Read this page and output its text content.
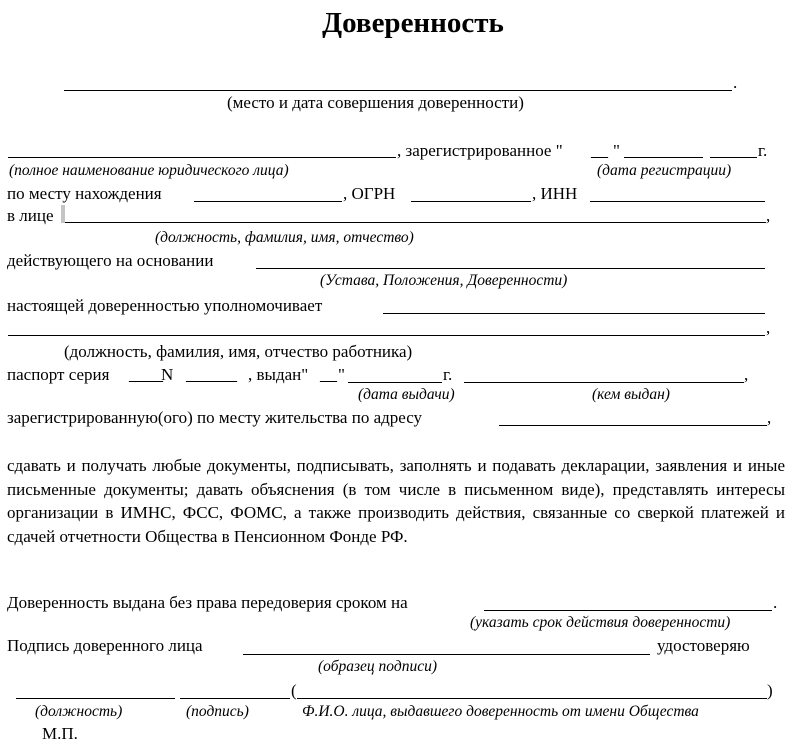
Доверенность
.
(место и дата совершения доверенности)
, зарегистрированное " __ "	г.
(полное наименование юридического лица)	(дата регистрации)
по месту нахождения	, ОГРН	, ИНН
в лице	,
(должность, фамилия, имя, отчество)
действующего на основании
(Устава, Положения, Доверенности)
настоящей доверенностью уполномочивает
,
(должность, фамилия, имя, отчество работника)
паспорт серия ____
N ______ , выдан" __ "	г.	,
(дата выдачи)	(кем выдан)
зарегистрированную(ого) по месту жительства по адресу	,
сдавать и получать любые документы, подписывать, заполнять и подавать декларации, заявления и иные письменные документы; давать объяснения (в том числе в письменном виде), представлять интересы организации в ИМНС, ФСС, ФОМС, а также производить действия, связанные со сверкой платежей и сдачей отчетности Общества в Пенсионном Фонде РФ.
Доверенность выдана без права передоверия сроком на	.
(указать срок действия доверенности)
Подпись доверенного лица	удостоверяю
(образец подписи)
(	)
(должность)	(подпись)	Ф.И.О. лица, выдавшего доверенность от имени Общества
М.П.
